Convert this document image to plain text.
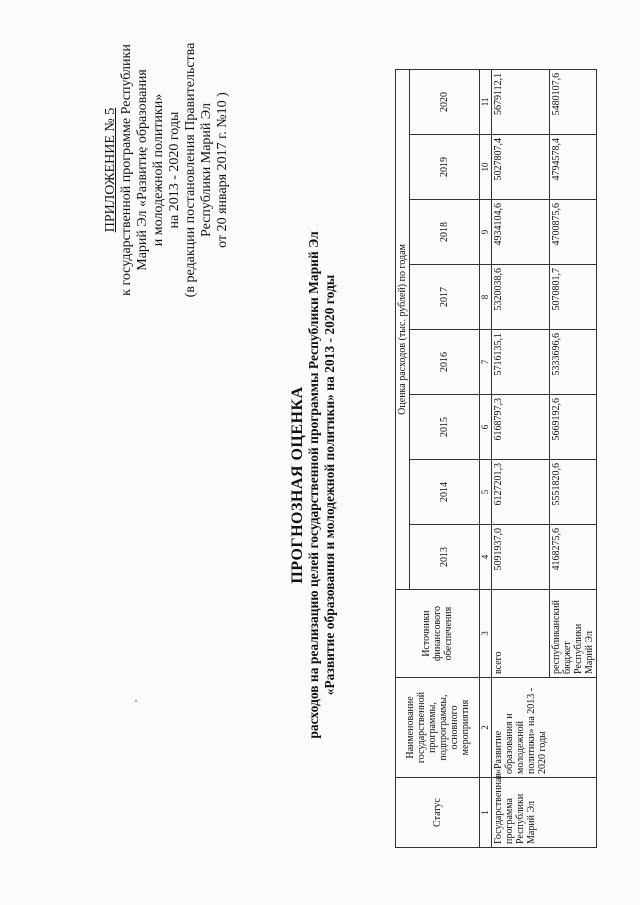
ПРИЛОЖЕНИЕ № 5 к государственной программе Республики Марий Эл «Развитие образования и молодежной политики» на 2013 - 2020 годы (в редакции постановления Правительства Республики Марий Эл от 20 января 2017 г. №10 )
ПРОГНОЗНАЯ ОЦЕНКА расходов на реализацию целей государственной программы Республики Марий Эл «Развитие образования и молодежной политики» на 2013 - 2020 годы
Статус	Наименование государственной программы, подпрограммы, основного мероприятия	Источники финансового обеспечения	Оценка расходов (тыс. рублей) по годам							
			2013	2014	2015	2016	2017	2018	2019	2020
1	2	3	4	5	6	7	8	9	10	11
Государственная программа Республики Марий Эл	«Развитие образования и молодежной политики» на 2013 - 2020 годы	всего	5091937,0	6127201,3	6168797,3	5716135,1	5320038,6	4934104,6	5027807,4	5679112,1
		республиканский бюджет Республики Марий Эл	4168275,6	5551820,6	5669192,6	5333696,6	5070801,7	4700875,6	4794578,4	5480107,6
